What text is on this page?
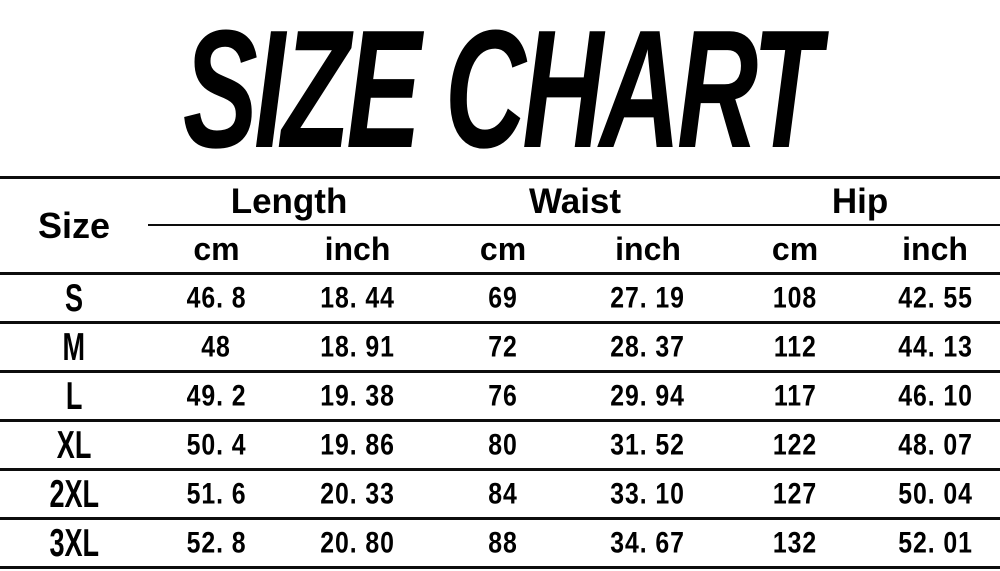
SIZE CHART
Size	Length		Waist		Hip	
	cm	inch	cm	inch	cm	inch
S	46. 8	18. 44	69	27. 19	108	42. 55
M	48	18. 91	72	28. 37	112	44. 13
L	49. 2	19. 38	76	29. 94	117	46. 10
XL	50. 4	19. 86	80	31. 52	122	48. 07
2XL	51. 6	20. 33	84	33. 10	127	50. 04
3XL	52. 8	20. 80	88	34. 67	132	52. 01
